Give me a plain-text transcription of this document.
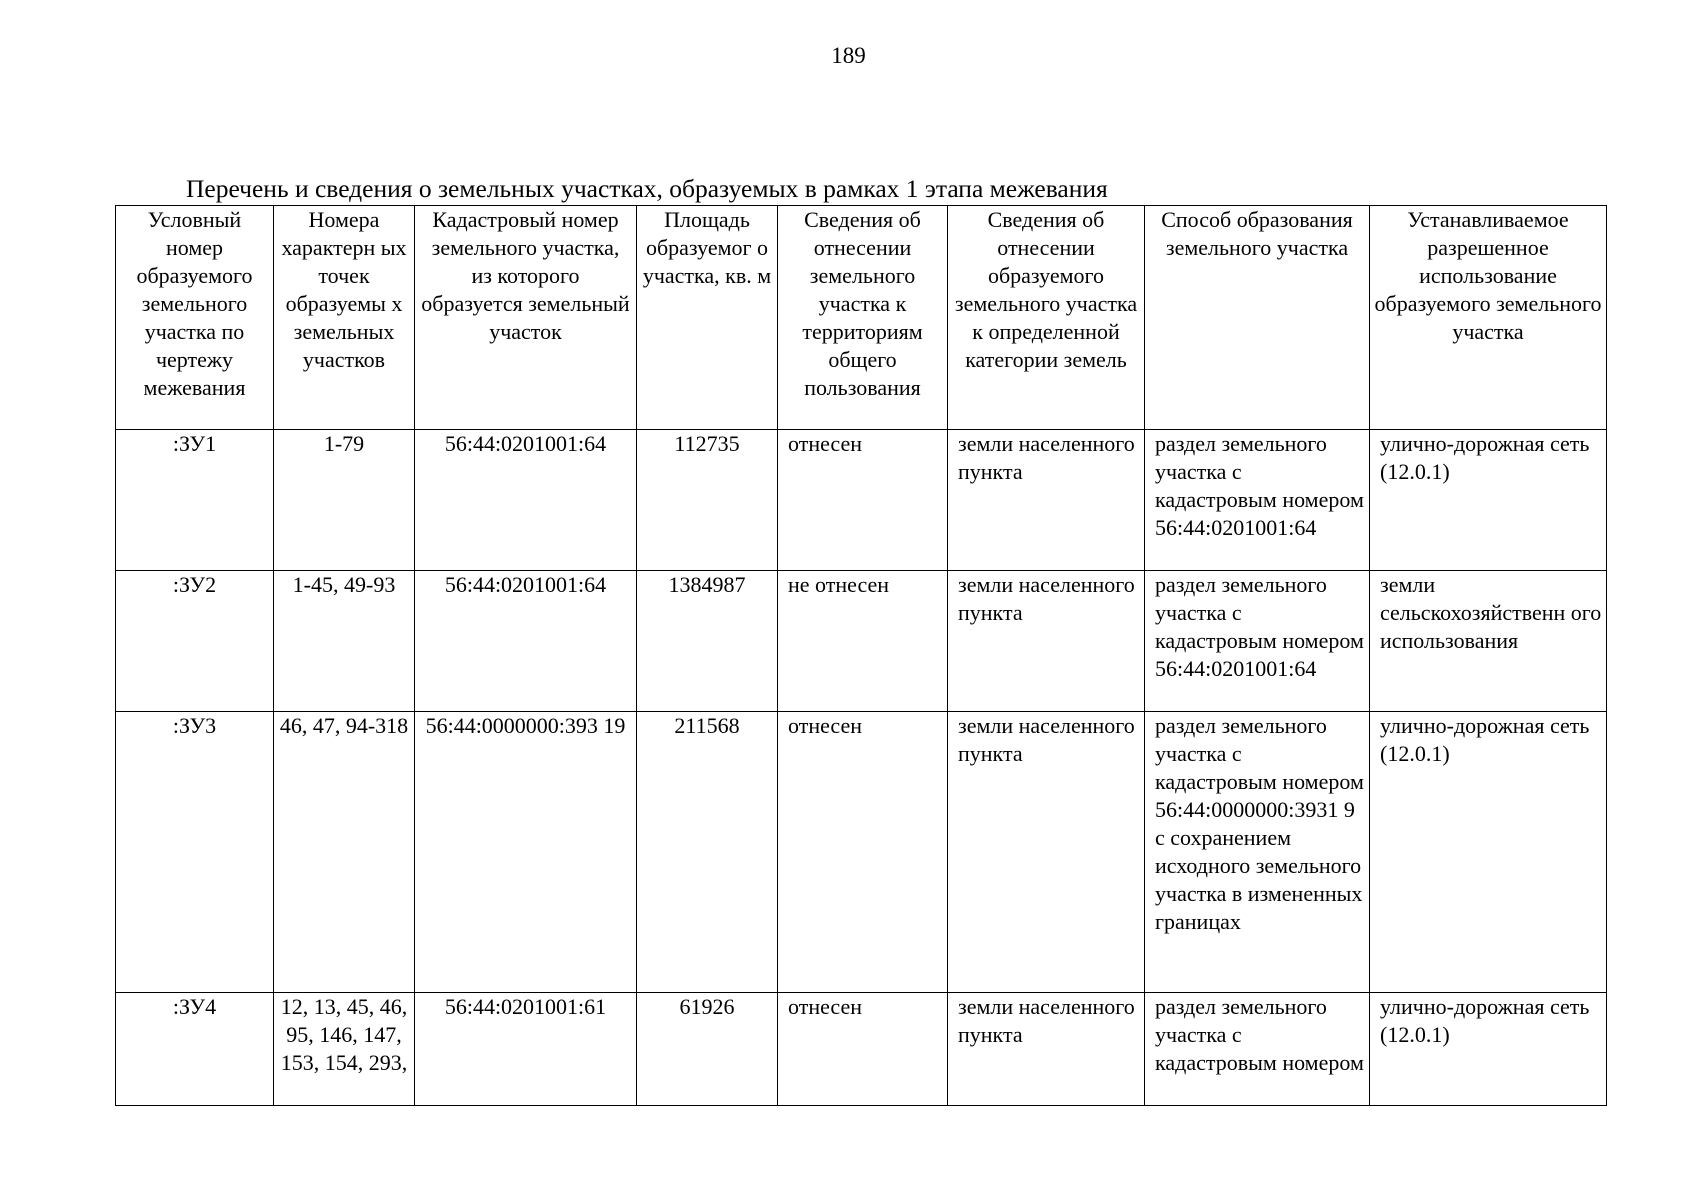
189
Перечень и сведения о земельных участках, образуемых в рамках 1 этапа межевания
Условный номер образуемого земельного участка по чертежу межевания	Номера характерн ых точек образуемы х земельных участков	Кадастровый номер земельного участка, из которого образуется земельный участок	Площадь образуемог о участка, кв. м	Сведения об отнесении земельного участка к территориям общего пользования	Сведения об отнесении образуемого земельного участка к определенной категории земель	Способ образования земельного участка	Устанавливаемое разрешенное использование образуемого земельного участка
:ЗУ1	1-79	56:44:0201001:64	112735	отнесен	земли населенного пункта	раздел земельного участка с кадастровым номером 56:44:0201001:64	улично-дорожная сеть (12.0.1)
:ЗУ2	1-45, 49-93	56:44:0201001:64	1384987	не отнесен	земли населенного пункта	раздел земельного участка с кадастровым номером 56:44:0201001:64	земли сельскохозяйственн ого использования
:ЗУ3	46, 47, 94-318	56:44:0000000:393 19	211568	отнесен	земли населенного пункта	раздел земельного участка с кадастровым номером 56:44:0000000:3931 9 с сохранением исходного земельного участка в измененных границах	улично-дорожная сеть (12.0.1)
:ЗУ4	12, 13, 45, 46, 95, 146, 147, 153, 154, 293,	56:44:0201001:61	61926	отнесен	земли населенного пункта	раздел земельного участка с кадастровым номером	улично-дорожная сеть (12.0.1)
